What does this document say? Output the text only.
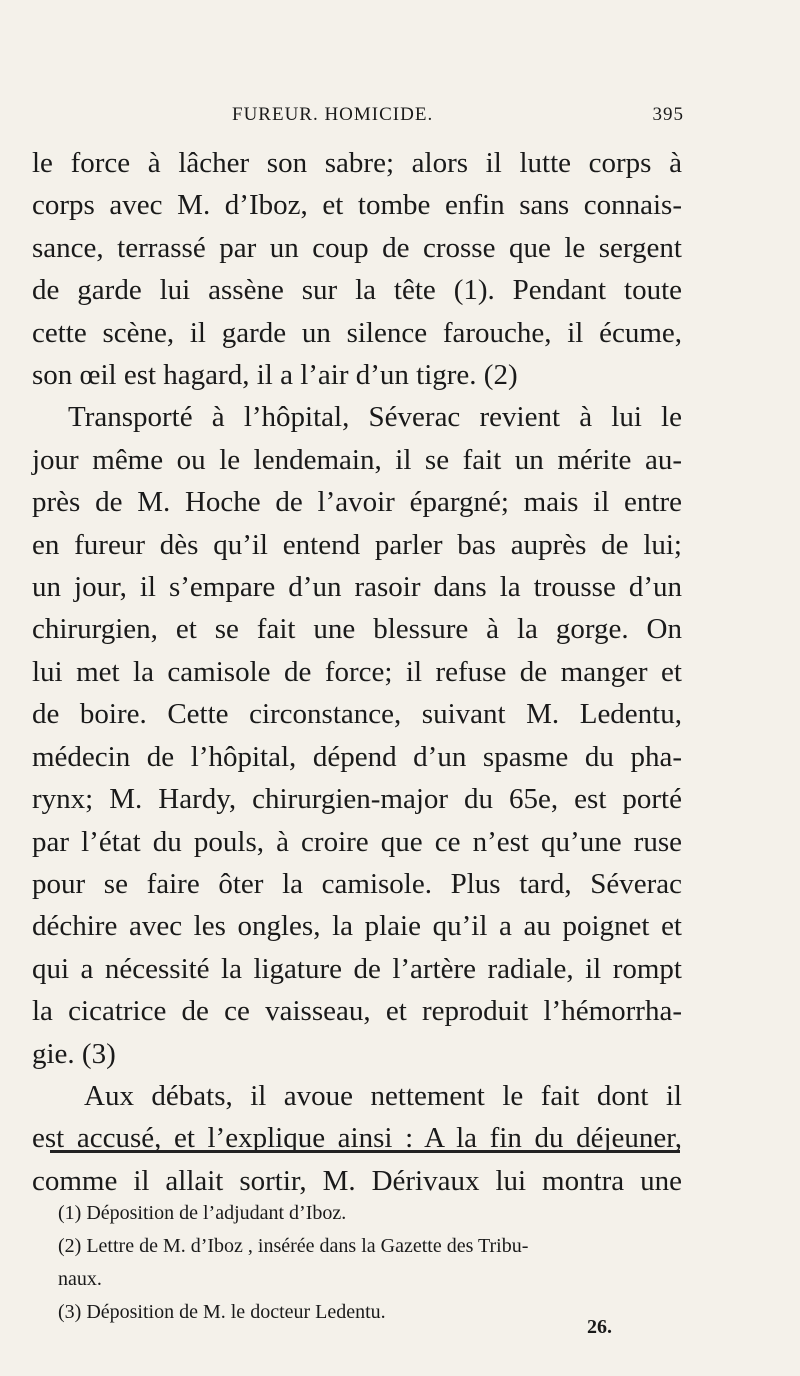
FUREUR. HOMICIDE.	395
le force à lâcher son sabre; alors il lutte corps à
corps avec M. d’Iboz, et tombe enfin sans connais-
sance, terrassé par un coup de crosse que le sergent
de garde lui assène sur la tête (1). Pendant toute
cette scène, il garde un silence farouche, il écume,
son œil est hagard, il a l’air d’un tigre. (2)
Transporté à l’hôpital, Séverac revient à lui le
jour même ou le lendemain, il se fait un mérite au-
près de M. Hoche de l’avoir épargné; mais il entre
en fureur dès qu’il entend parler bas auprès de lui;
un jour, il s’empare d’un rasoir dans la trousse d’un
chirurgien, et se fait une blessure à la gorge. On
lui met la camisole de force; il refuse de manger et
de boire. Cette circonstance, suivant M. Ledentu,
médecin de l’hôpital, dépend d’un spasme du pha-
rynx; M. Hardy, chirurgien-major du 65e, est porté
par l’état du pouls, à croire que ce n’est qu’une ruse
pour se faire ôter la camisole. Plus tard, Séverac
déchire avec les ongles, la plaie qu’il a au poignet et
qui a nécessité la ligature de l’artère radiale, il rompt
la cicatrice de ce vaisseau, et reproduit l’hémorrha-
gie. (3)
Aux débats, il avoue nettement le fait dont il
est accusé, et l’explique ainsi : A la fin du déjeuner,
comme il allait sortir, M. Dérivaux lui montra une
(1) Déposition de l’adjudant d’Iboz.
(2) Lettre de M. d’Iboz , insérée dans la Gazette des Tribu-
naux.
(3) Déposition de M. le docteur Ledentu.
26.
